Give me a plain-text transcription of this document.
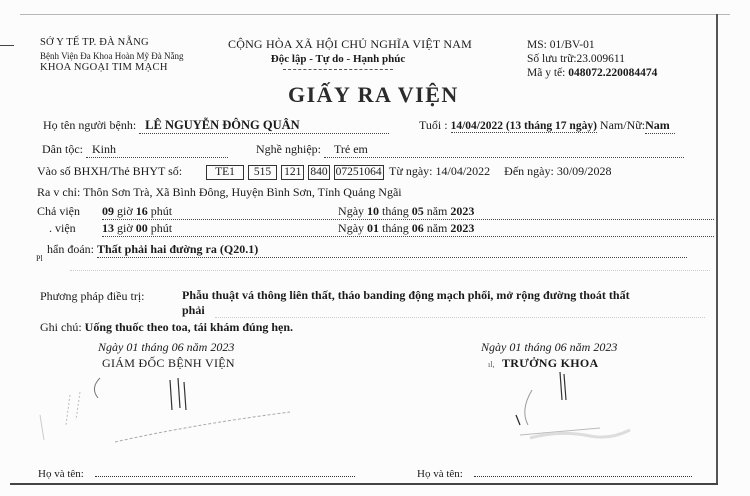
SỞ Y TẾ TP. ĐÀ NẴNG
Bệnh Viện Đa Khoa Hoàn Mỹ Đà Nẵng
KHOA NGOẠI TIM MẠCH
CỘNG HÒA XÃ HỘI CHỦ NGHĨA VIỆT NAM
Độc lập - Tự do - Hạnh phúc
MS: 01/BV-01
Số lưu trữ:23.009611
Mã y tế: 048072.220084474
GIẤY RA VIỆN
Họ tên người bệnh: LÊ NGUYỄN ĐÔNG QUÂN	Tuổi : 14/04/2022 (13 tháng 17 ngày) Nam/Nữ:Nam
Dân tộc: Kinh	Nghề nghiệp: Trẻ em
Vào số BHXH/Thẻ BHYT số:	TE1 515 121 840 07251064 Từ ngày: 14/04/2022 Đến ngày: 30/09/2028
Ra v chỉ: Thôn Sơn Trà, Xã Bình Đông, Huyện Bình Sơn, Tỉnh Quảng Ngãi
Chả viện 09 giờ 16 phút	Ngày 10 tháng 05 năm 2023
. viện 13 giờ 00 phút	Ngày 01 tháng 06 năm 2023
hẩn đoán: Thất phải hai đường ra (Q20.1)
Pl
Phương pháp điều trị:	Phẫu thuật vá thông liên thất, tháo banding động mạch phổi, mở rộng đường thoát thất
phải
Ghi chú: Uống thuốc theo toa, tái khám đúng hẹn.
Ngày 01 tháng 06 năm 2023
GIÁM ĐỐC BỆNH VIỆN
Ngày 01 tháng 06 năm 2023
ıl, TRƯỞNG KHOA
Họ và tên:	Họ và tên:
